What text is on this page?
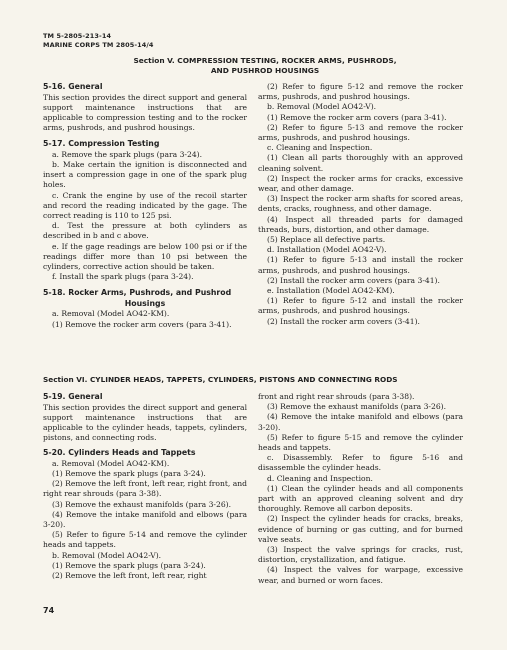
TM 5-2805-213-14
MARINE CORPS TM 2805-14/4
Section V. COMPRESSION TESTING, ROCKER ARMS, PUSHRODS,
AND PUSHROD HOUSINGS

5-16. General

This section provides the direct support and general support maintenance instructions that are applicable to compression testing and to the rocker arms, pushrods, and pushrod housings.

5-17. Compression Testing

a. Remove the spark plugs (para 3-24).

b. Make certain the ignition is disconnected and insert a compression gage in one of the spark plug holes.

c. Crank the engine by use of the recoil starter and record the reading indicated by the gage. The correct reading is 110 to 125 psi.

d. Test the pressure at both cylinders as described in b and c above.

e. If the gage readings are below 100 psi or if the readings differ more than 10 psi between the cylinders, corrective action should be taken.

f. Install the spark plugs (para 3-24).

5-18. Rocker Arms, Pushrods, and Pushrod

Housings

a. Removal (Model AO42-KM).

(1) Remove the rocker arm covers (para 3-41).

(2) Refer to figure 5-12 and remove the rocker arms, pushrods, and pushrod housings.

b. Removal (Model AO42-V).

(1) Remove the rocker arm covers (para 3-41).

(2) Refer to figure 5-13 and remove the rocker arms, pushrods, and pushrod housings.

c. Cleaning and Inspection.

(1) Clean all parts thoroughly with an approved cleaning solvent.

(2) Inspect the rocker arms for cracks, excessive wear, and other damage.

(3) Inspect the rocker arm shafts for scored areas, dents, cracks, roughness, and other damage.

(4) Inspect all threaded parts for damaged threads, burs, distortion, and other damage.

(5) Replace all defective parts.

d. Installation (Model AO42-V).

(1) Refer to figure 5-13 and install the rocker arms, pushrods, and pushrod housings.

(2) Install the rocker arm covers (para 3-41).

e. Installation (Model AO42-KM).

(1) Refer to figure 5-12 and install the rocker arms, pushrods, and pushrod housings.

(2) Install the rocker arm covers (3-41).

Section VI. CYLINDER HEADS, TAPPETS, CYLINDERS, PISTONS AND CONNECTING RODS

5-19. General

This section provides the direct support and general support maintenance instructions that are applicable to the cylinder heads, tappets, cylinders, pistons, and connecting rods.

5-20. Cylinders Heads and Tappets

a. Removal (Model AO42-KM).

(1) Remove the spark plugs (para 3-24).

(2) Remove the left front, left rear, right front, and right rear shrouds (para 3-38).

(3) Remove the exhaust manifolds (para 3-26).

(4) Remove the intake manifold and elbows (para 3-20).

(5) Refer to figure 5-14 and remove the cylinder heads and tappets.

b. Removal (Model AO42-V).

(1) Remove the spark plugs (para 3-24).

(2) Remove the left front, left rear, right

front and right rear shrouds (para 3-38).

(3) Remove the exhaust manifolds (para 3-26).

(4) Remove the intake manifold and elbows (para 3-20).

(5) Refer to figure 5-15 and remove the cylinder heads and tappets.

c. Disassembly. Refer to figure 5-16 and disassemble the cylinder heads.

d. Cleaning and Inspection.

(1) Clean the cylinder heads and all components part with an approved cleaning solvent and dry thoroughly. Remove all carbon deposits.

(2) Inspect the cylinder heads for cracks, breaks, evidence of burning or gas cutting, and for burned valve seats.

(3) Inspect the valve springs for cracks, rust, distortion, crystallization, and fatigue.

(4) Inspect the valves for warpage, excessive wear, and burned or worn faces.

74
